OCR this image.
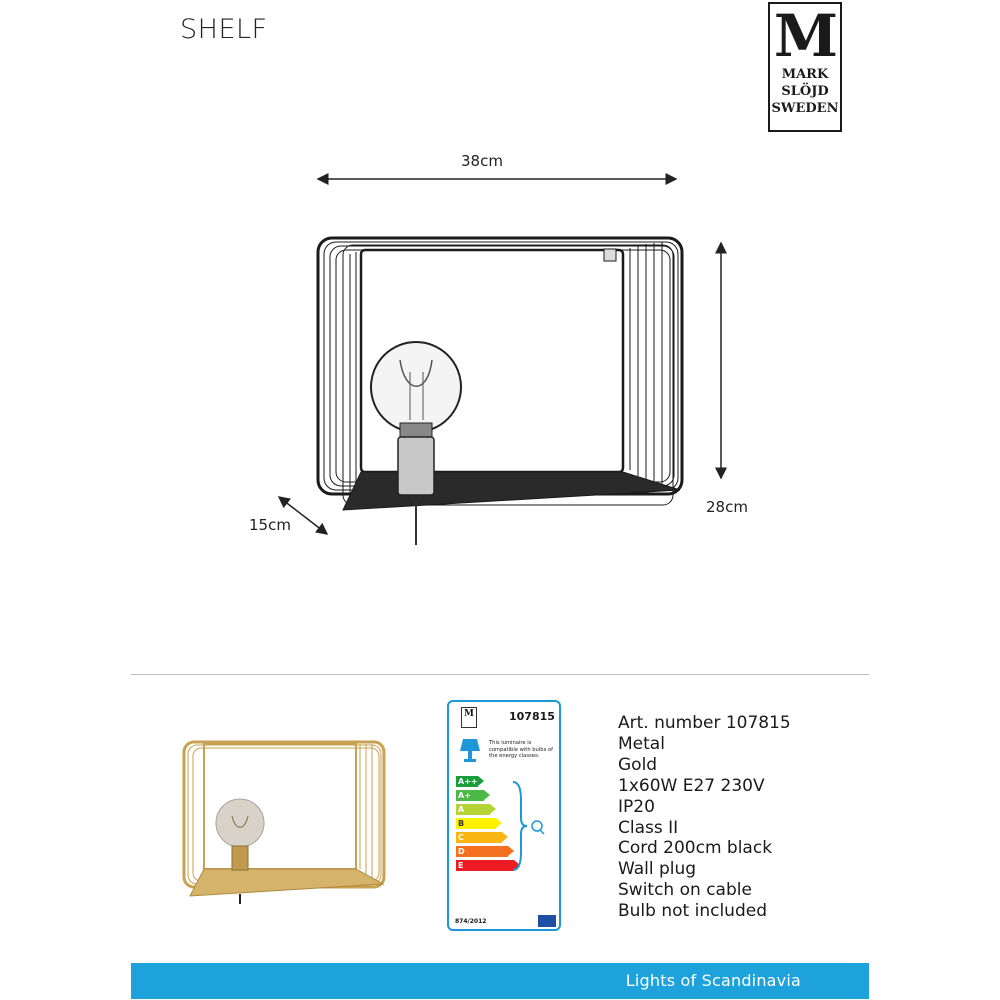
SHELF	M
MARK
SLÖJD
SWEDEN
38cm
28cm
15cm
M	107815
This luminaire is compatible with bulbs of the energy classes:
A++
A+
A
B
C
D
E
874/2012
Art. number 107815
Metal
Gold
1x60W E27 230V
IP20
Class II
Cord 200cm black
Wall plug
Switch on cable
Bulb not included
Lights of Scandinavia
